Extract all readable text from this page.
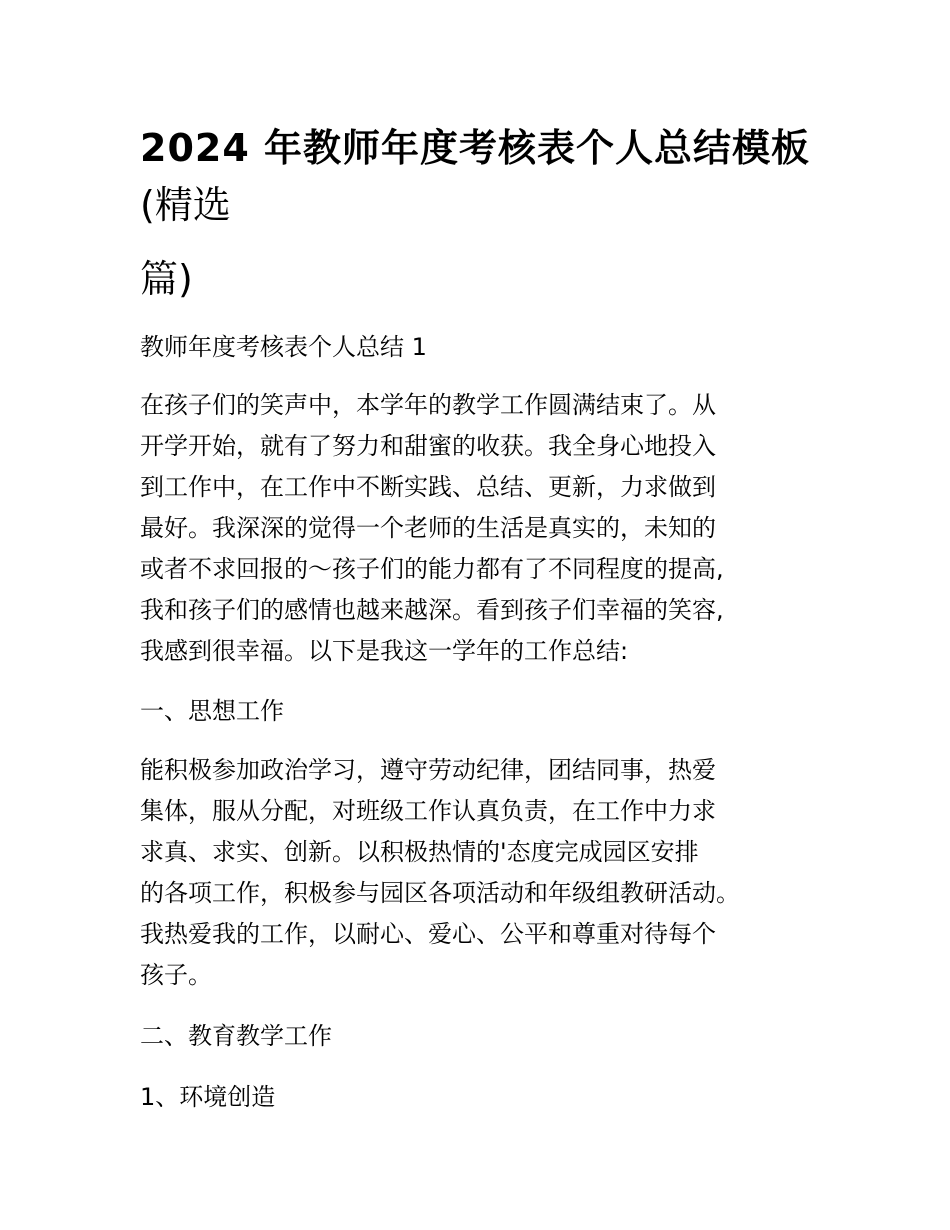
2024 年教师年度考核表个人总结模板
(精选
篇)
教师年度考核表个人总结 1
在孩子们的笑声中，本学年的教学工作圆满结束了。从
开学开始，就有了努力和甜蜜的收获。我全身心地投入
到工作中，在工作中不断实践、总结、更新，力求做到
最好。我深深的觉得一个老师的生活是真实的，未知的
或者不求回报的～孩子们的能力都有了不同程度的提高,
我和孩子们的感情也越来越深。看到孩子们幸福的笑容,
我感到很幸福。以下是我这一学年的工作总结:
一、思想工作
能积极参加政治学习，遵守劳动纪律，团结同事，热爱
集体，服从分配，对班级工作认真负责，在工作中力求
求真、求实、创新。以积极热情的'态度完成园区安排
的各项工作，积极参与园区各项活动和年级组教研活动。
我热爱我的工作，以耐心、爱心、公平和尊重对待每个
孩子。
二、教育教学工作
1、环境创造
